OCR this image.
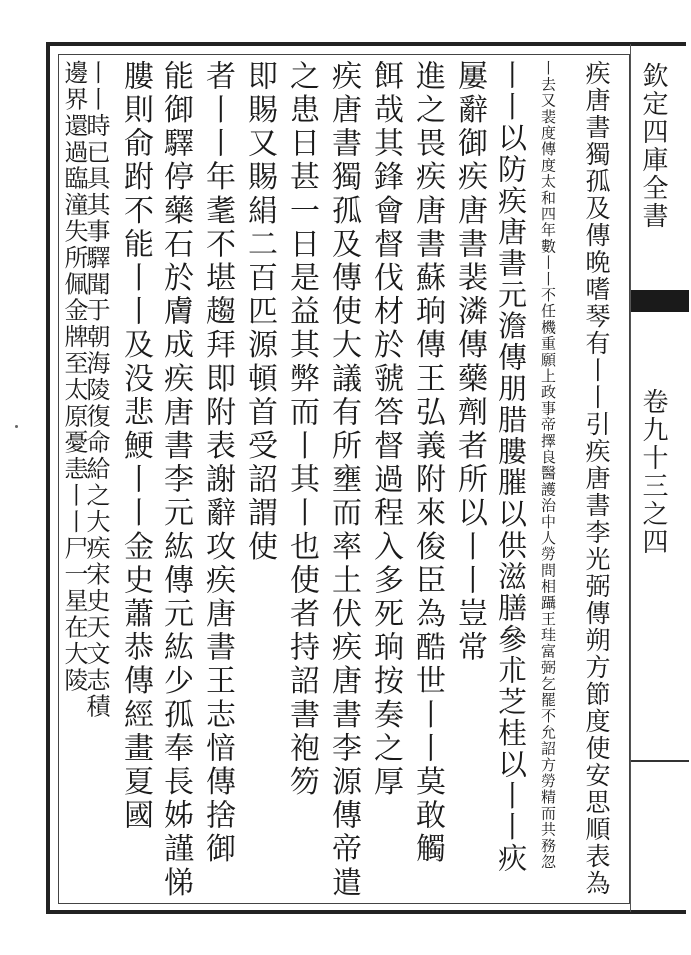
欽定四庫全書
卷九十三之四
疾唐書獨孤及傳晩嗜琴有丨丨引疾唐書李光弼傳朔方節度使安思順表為
丨去又裴度傳度太和四年數丨丨不任機重願上政事帝擇良醫護治中人勞問相躡王珪富弼乞罷不允詔方勞精而共務忽
丨丨以防疾唐書元澹傳朋腊膢膗以供滋膳參朮芝桂以丨丨疢
屢辭御疾唐書裴潾傳藥劑者所以丨丨豈常
進之畏疾唐書蘇珦傳王弘義附來俊臣為酷世丨丨莫敢觸
餌哉其鋒會督伐材於虢答督過程入多死珦按奏之厚
疾唐書獨孤及傳使大議有所壅而率土伏疾唐書李源傳帝遣
之患日甚一日是益其弊而丨其丨也使者持詔書袍笏
即賜又賜絹二百匹源頓首受詔謂使
者丨丨年耄不堪趨拜即附表謝辭攻疾唐書王志愔傳捨御
能御驛停藥石於膚成疾唐書李元紘傳元紘少孤奉長姊謹悌
膢則俞跗不能丨丨及没悲鯁丨丨金史蕭恭傳經畫夏國
丨丨時已具其事驛聞于朝海陵復命給之大疾宋史天文志積
邊界還過臨潼失所佩金牌至太原憂恚丨丨尸一星在大陵
